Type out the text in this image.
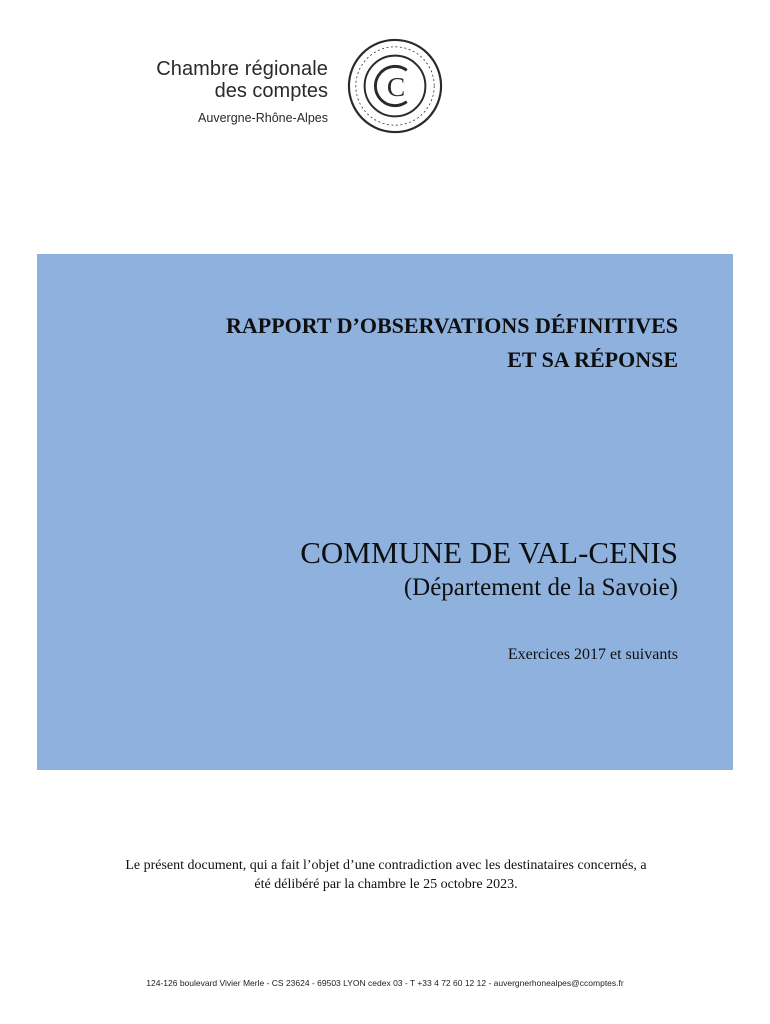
Chambre régionale
des comptes
Auvergne-Rhône-Alpes
C
RAPPORT D’OBSERVATIONS DÉFINITIVES
ET SA RÉPONSE
COMMUNE DE VAL-CENIS
(Département de la Savoie)
Exercices 2017 et suivants
Le présent document, qui a fait l’objet d’une contradiction avec les destinataires concernés, a
été délibéré par la chambre le 25 octobre 2023.
124-126 boulevard Vivier Merle - CS 23624 - 69503 LYON cedex 03 - T +33 4 72 60 12 12 - auvergnerhonealpes@ccomptes.fr
